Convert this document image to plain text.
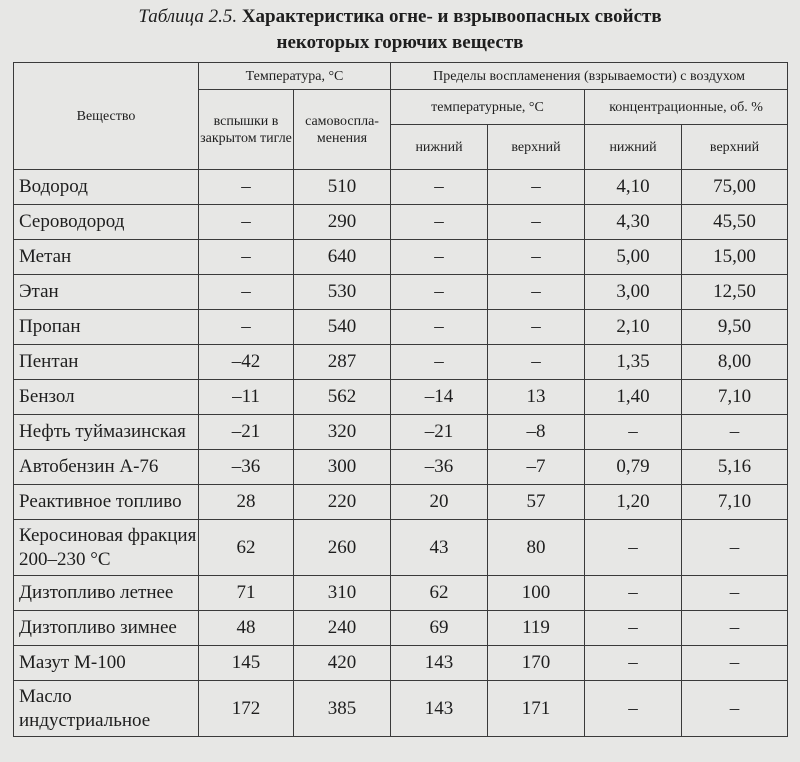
Таблица 2.5. Характеристика огне- и взрывоопасных свойств
некоторых горючих веществ
Вещество	Температура, °С		Пределы воспламенения (взрываемости) с воздухом			
	вспышки в закрытом тигле	самовоспла-менения	температурные, °С		концентрационные, об. %	
			нижний	верхний	нижний	верхний
Водород	–	510	–	–	4,10	75,00
Сероводород	–	290	–	–	4,30	45,50
Метан	–	640	–	–	5,00	15,00
Этан	–	530	–	–	3,00	12,50
Пропан	–	540	–	–	2,10	9,50
Пентан	–42	287	–	–	1,35	8,00
Бензол	–11	562	–14	13	1,40	7,10
Нефть туймазинская	–21	320	–21	–8	–	–
Автобензин А-76	–36	300	–36	–7	0,79	5,16
Реактивное топливо	28	220	20	57	1,20	7,10
Керосиновая фракция 200–230 °С	62	260	43	80	–	–
Дизтопливо летнее	71	310	62	100	–	–
Дизтопливо зимнее	48	240	69	119	–	–
Мазут М-100	145	420	143	170	–	–
Масло индустриальное	172	385	143	171	–	–
